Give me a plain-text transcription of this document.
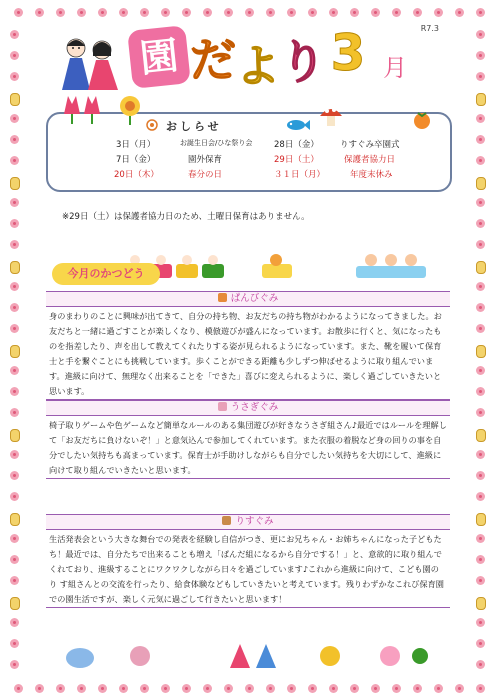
R7.3
園 だ よ り 3 月
おしらせ
3日（月）	お誕生日会/ひな祭り会	28日（金） りすぐみ卒園式
7日（金）	園外保育	29日（土）	保護者協力日
20日（木）	春分の日	３１日（月）	年度末休み
※29日（土）は保護者協力日のため、土曜日保育はありません。
今月のかつどう
ぱんびぐみ
身のまわりのことに興味が出てきて、自分の持ち物、お友だちの持ち物がわかるようになってきました。お友だちと一緒に過ごすことが楽しくなり、模倣遊びが盛んになっています。お散歩に行くと、気になったものを指差したり、声を出して教えてくれたりする姿が見られるようになっています。また、靴を履いて保育士と手を繋ぐことにも挑戦しています。歩くことができる距離も少しずつ伸ばせるように取り組んでいます。進級に向けて、無理なく出来ることを「できた」喜びに変えられるように、楽しく過ごしていきたいと思います。
うさぎぐみ
椅子取りゲームや色ゲームなど簡単なルールのある集団遊びが好きなうさぎ組さん♪最近ではルールを理解して「お友だちに負けないぞ！」と意気込んで参加してくれています。また衣服の着脱など身の回りの事を自分でしたい気持ちも高まっています。保育士が手助けしながらも自分でしたい気持ちを大切にして、進級に向けて取り組んでいきたいと思います。
りすぐみ
生活発表会という大きな舞台での発表を経験し自信がつき、更にお兄ちゃん・お姉ちゃんになった子どもたち！最近では、自分たちで出来ることも増え「ぱんだ組になるから自分でする！」と、意欲的に取り組んでくれており、進級することにワクワクしながら日々を過ごしています♪これから進級に向けて、こども園のり す組さんとの交流を行ったり、給食体験などもしていきたいと考えています。残りわずかなこれび保育園での園生活ですが、楽しく元気に過ごして行きたいと思います！
